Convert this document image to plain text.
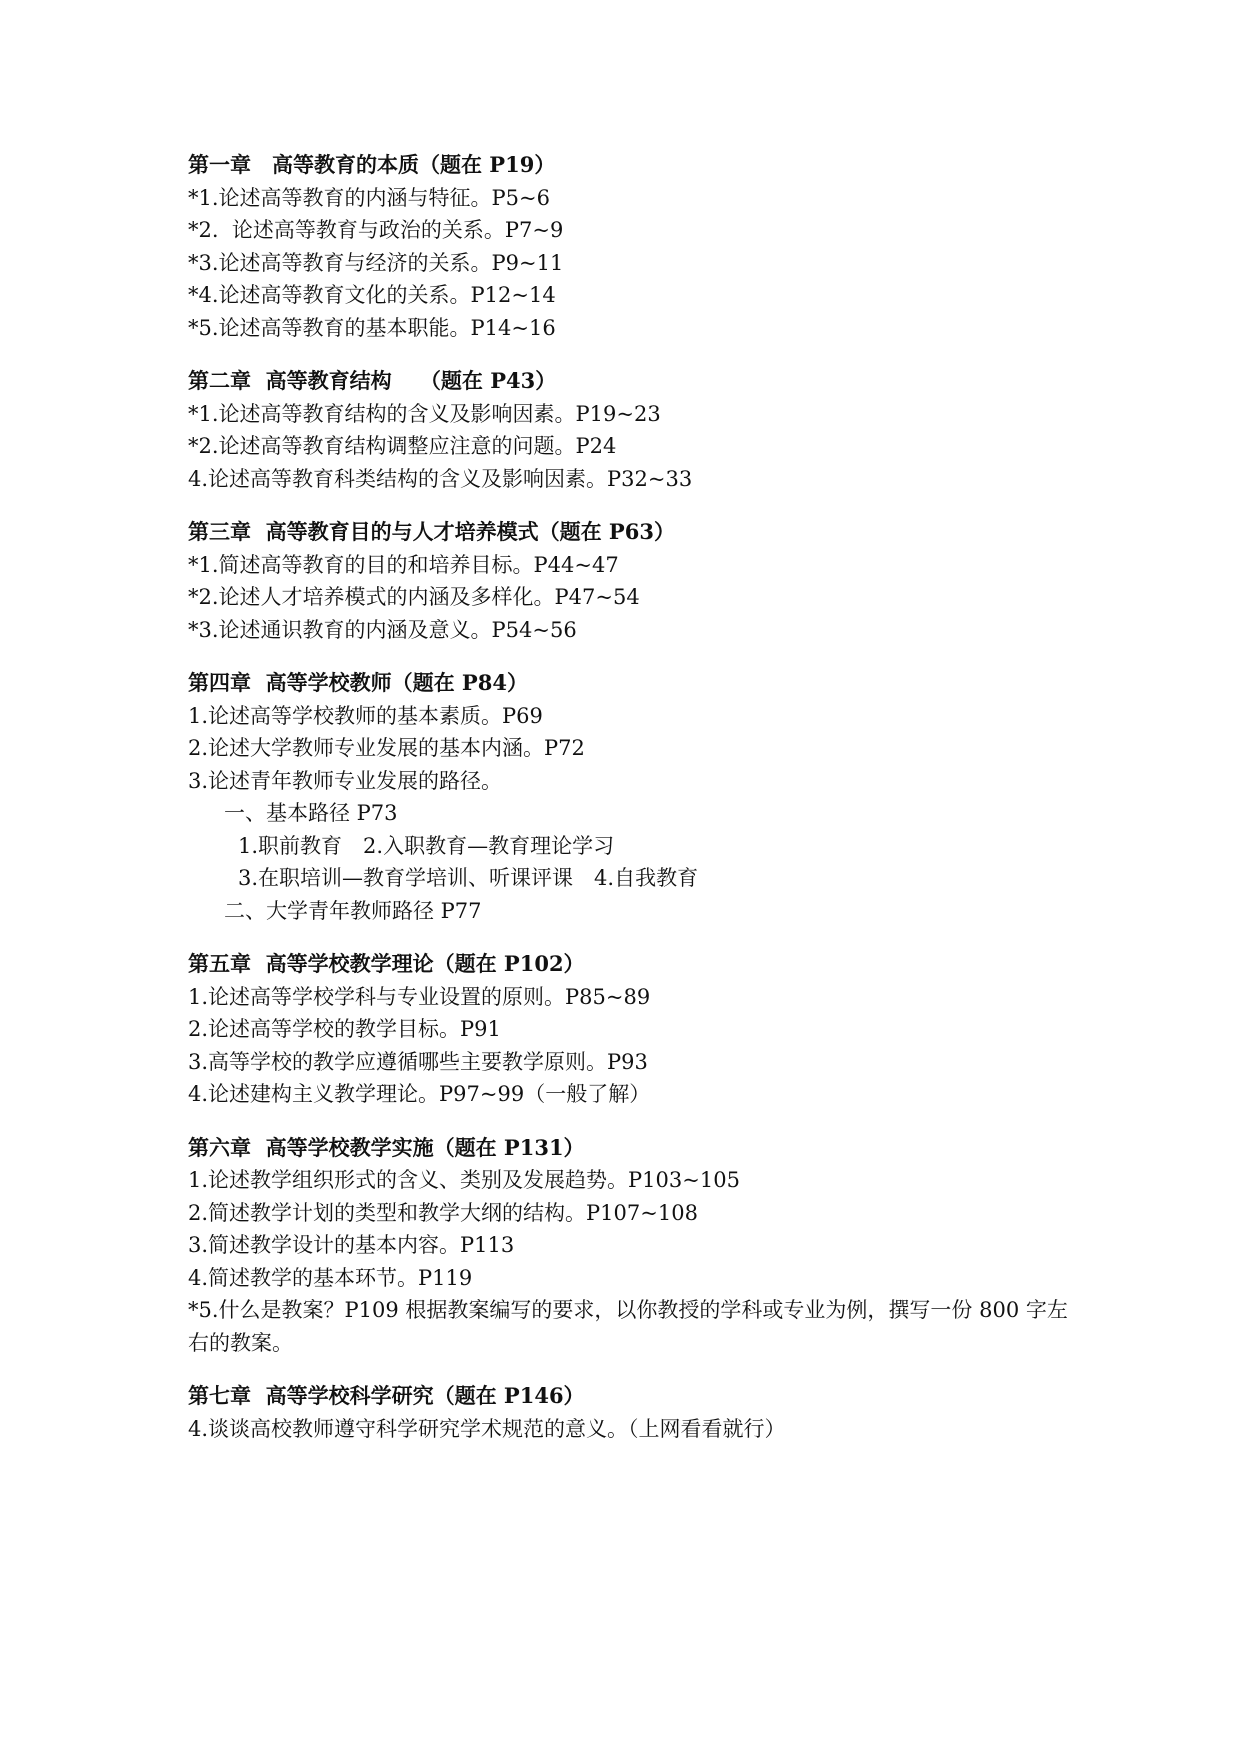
第一章　高等教育的本质（题在 P19）
*1.论述高等教育的内涵与特征。P5~6
*2.  论述高等教育与政治的关系。P7~9
*3.论述高等教育与经济的关系。P9~11
*4.论述高等教育文化的关系。P12~14
*5.论述高等教育的基本职能。P14~16
第二章  高等教育结构　 （题在 P43）
*1.论述高等教育结构的含义及影响因素。P19~23
*2.论述高等教育结构调整应注意的问题。P24
4.论述高等教育科类结构的含义及影响因素。P32~33
第三章  高等教育目的与人才培养模式（题在 P63）
*1.简述高等教育的目的和培养目标。P44~47
*2.论述人才培养模式的内涵及多样化。P47~54
*3.论述通识教育的内涵及意义。P54~56
第四章  高等学校教师（题在 P84）
1.论述高等学校教师的基本素质。P69
2.论述大学教师专业发展的基本内涵。P72
3.论述青年教师专业发展的路径。
一、基本路径 P73
1.职前教育　2.入职教育—教育理论学习
3.在职培训—教育学培训、听课评课　4.自我教育
二、大学青年教师路径 P77
第五章  高等学校教学理论（题在 P102）
1.论述高等学校学科与专业设置的原则。P85~89
2.论述高等学校的教学目标。P91
3.高等学校的教学应遵循哪些主要教学原则。P93
4.论述建构主义教学理论。P97~99（一般了解）
第六章  高等学校教学实施（题在 P131）
1.论述教学组织形式的含义、类别及发展趋势。P103~105
2.简述教学计划的类型和教学大纲的结构。P107~108
3.简述教学设计的基本内容。P113
4.简述教学的基本环节。P119
*5.什么是教案？P109 根据教案编写的要求，以你教授的学科或专业为例，撰写一份 800 字左右的教案。
第七章  高等学校科学研究（题在 P146）
4.谈谈高校教师遵守科学研究学术规范的意义。（上网看看就行）
